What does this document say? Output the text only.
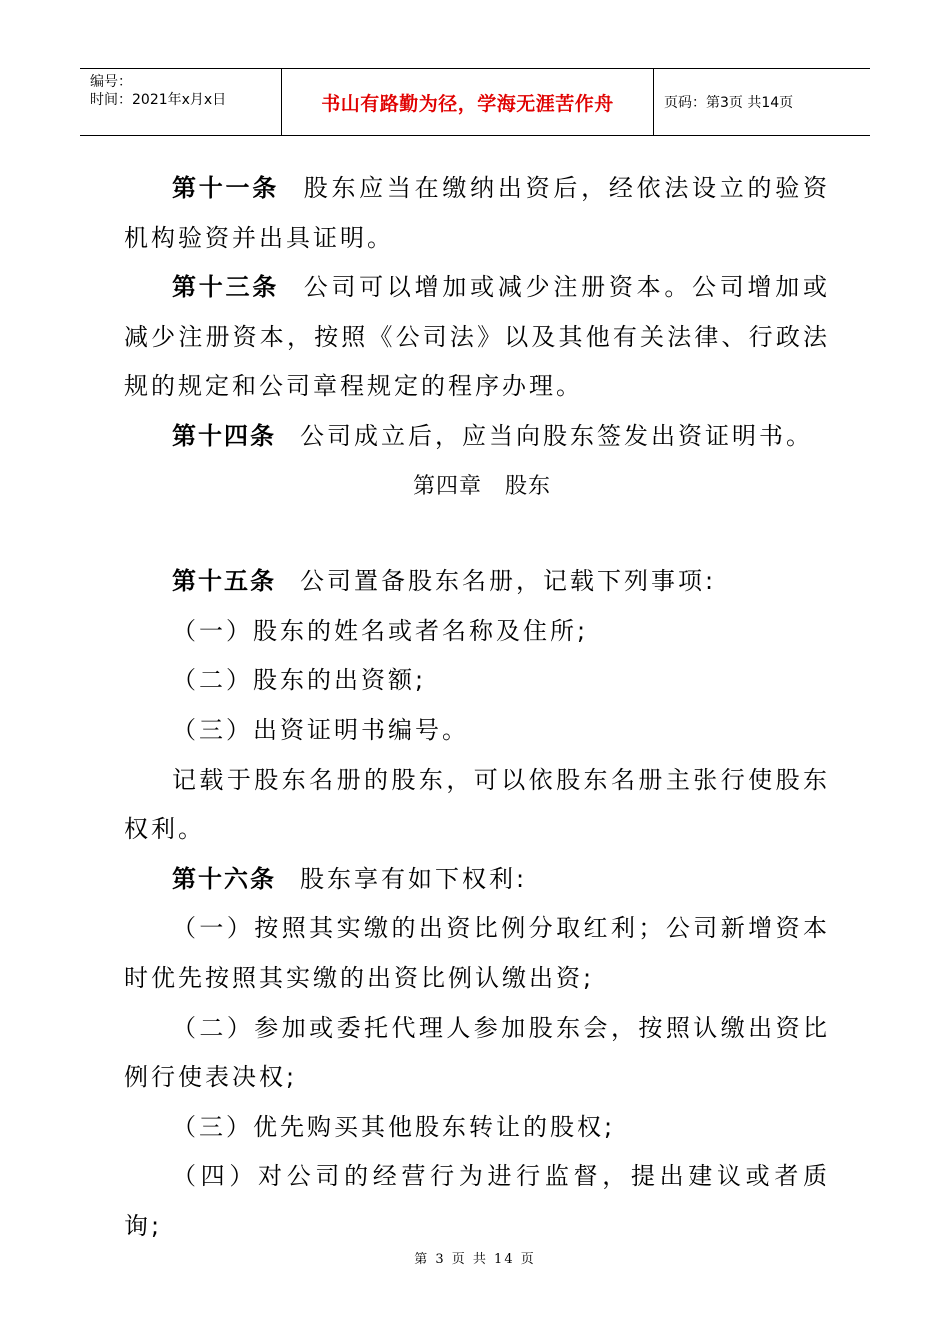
编号：
时间：2021年x月x日	书山有路勤为径，学海无涯苦作舟	页码：第3页 共14页

第十一条 股东应当在缴纳出资后，经依法设立的验资机构验资并出具证明。

第十三条 公司可以增加或减少注册资本。公司增加或减少注册资本，按照《公司法》以及其他有关法律、行政法规的规定和公司章程规定的程序办理。

第十四条 公司成立后，应当向股东签发出资证明书。

第四章　股东

第十五条 公司置备股东名册，记载下列事项:

（一）股东的姓名或者名称及住所;

（二）股东的出资额;

（三）出资证明书编号。

记载于股东名册的股东，可以依股东名册主张行使股东权利。

第十六条 股东享有如下权利:

（一）按照其实缴的出资比例分取红利；公司新增资本时优先按照其实缴的出资比例认缴出资;

（二）参加或委托代理人参加股东会，按照认缴出资比例行使表决权;

（三）优先购买其他股东转让的股权;

（四）对公司的经营行为进行监督，提出建议或者质询;

第 3 页 共 14 页
